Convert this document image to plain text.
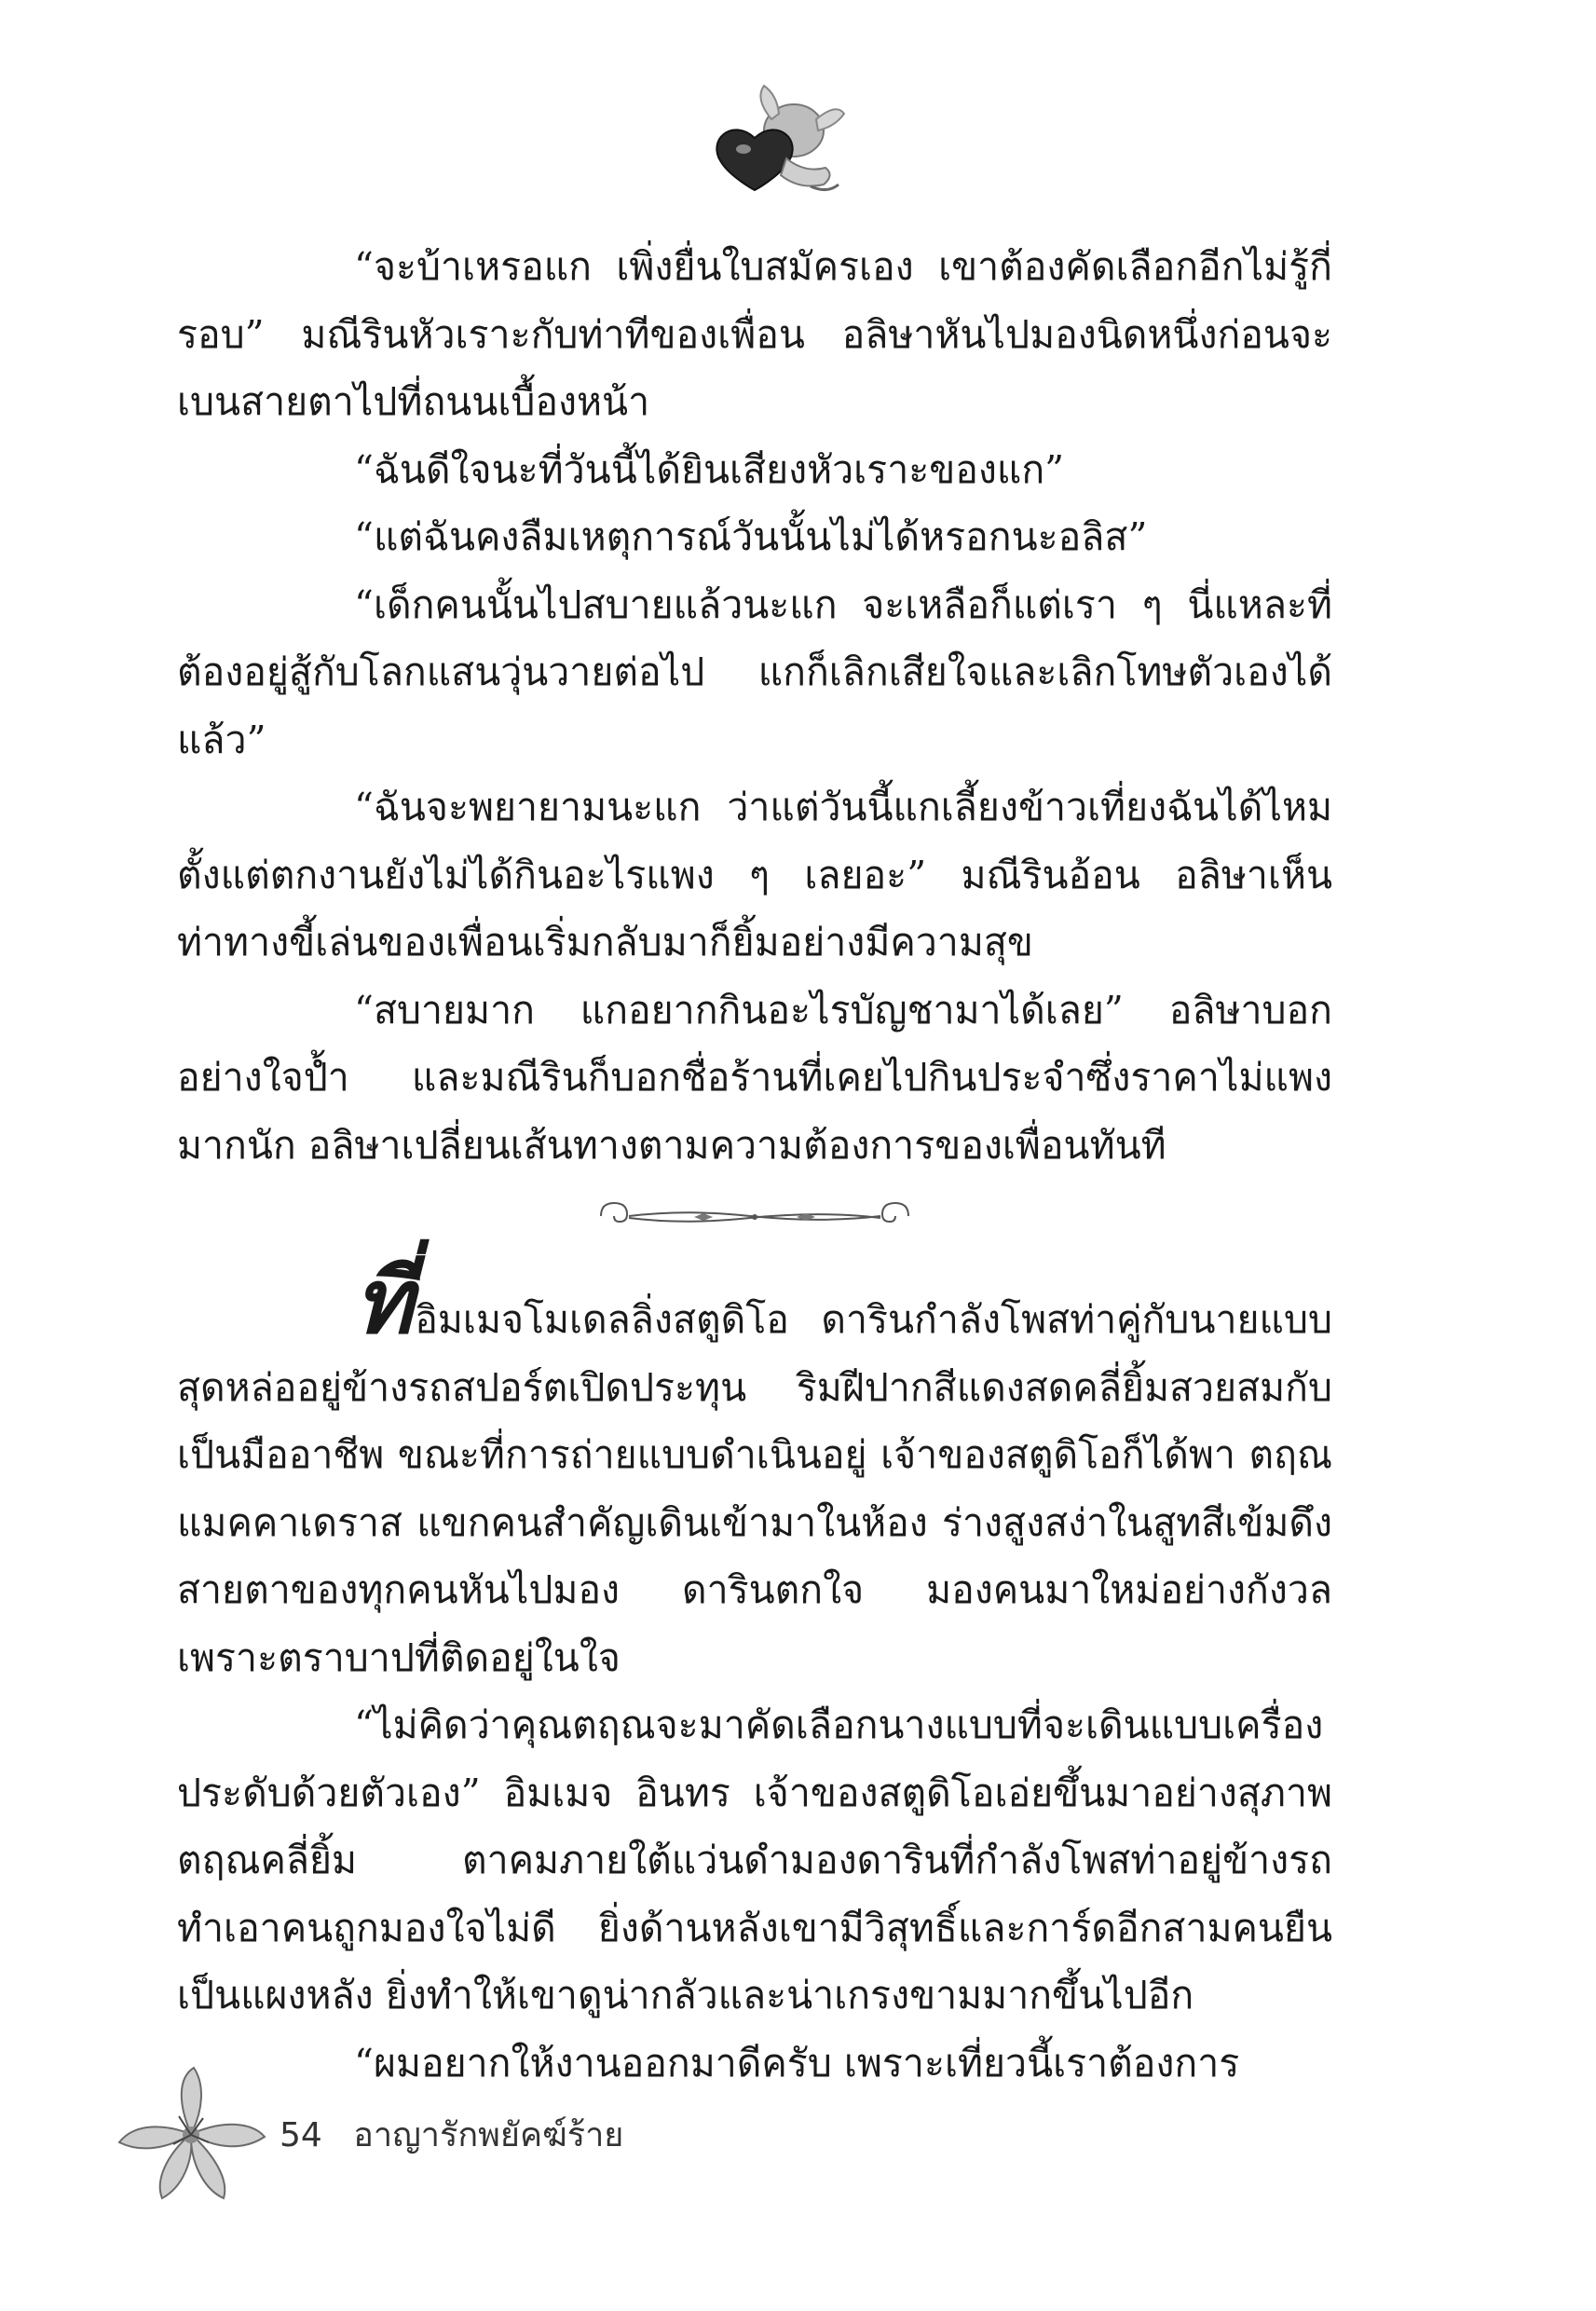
“จะบ้าเหรอแก เพิ่งยื่นใบสมัครเอง เขาต้องคัดเลือกอีกไม่รู้กี่รอบ” มณีรินหัวเราะกับท่าทีของเพื่อน อลิษาหันไปมองนิดหนึ่งก่อนจะเบนสายตาไปที่ถนนเบื้องหน้า

“ฉันดีใจนะที่วันนี้ได้ยินเสียงหัวเราะของแก”

“แต่ฉันคงลืมเหตุการณ์วันนั้นไม่ได้หรอกนะอลิส”

“เด็กคนนั้นไปสบายแล้วนะแก จะเหลือก็แต่เรา ๆ นี่แหละที่ต้องอยู่สู้กับโลกแสนวุ่นวายต่อไป แกก็เลิกเสียใจและเลิกโทษตัวเองได้แล้ว”

“ฉันจะพยายามนะแก ว่าแต่วันนี้แกเลี้ยงข้าวเที่ยงฉันได้ไหม ตั้งแต่ตกงานยังไม่ได้กินอะไรแพง ๆ เลยอะ” มณีรินอ้อน อลิษาเห็นท่าทางขี้เล่นของเพื่อนเริ่มกลับมาก็ยิ้มอย่างมีความสุข

“สบายมาก แกอยากกินอะไรบัญชามาได้เลย” อลิษาบอกอย่างใจป้ำ และมณีรินก็บอกชื่อร้านที่เคยไปกินประจำซึ่งราคาไม่แพงมากนัก อลิษาเปลี่ยนเส้นทางตามความต้องการของเพื่อนทันที

ที่อิมเมจโมเดลลิ่งสตูดิโอ ดารินกำลังโพสท่าคู่กับนายแบบสุดหล่ออยู่ข้างรถสปอร์ตเปิดประทุน ริมฝีปากสีแดงสดคลี่ยิ้มสวยสมกับเป็นมืออาชีพ ขณะที่การถ่ายแบบดำเนินอยู่ เจ้าของสตูดิโอก็ได้พา ตฤณ แมคคาเดราส แขกคนสำคัญเดินเข้ามาในห้อง ร่างสูงสง่าในสูทสีเข้มดึงสายตาของทุกคนหันไปมอง ดารินตกใจ มองคนมาใหม่อย่างกังวลเพราะตราบาปที่ติดอยู่ในใจ

“ไม่คิดว่าคุณตฤณจะมาคัดเลือกนางแบบที่จะเดินแบบเครื่องประดับด้วยตัวเอง” อิมเมจ อินทร เจ้าของสตูดิโอเอ่ยขึ้นมาอย่างสุภาพ ตฤณคลี่ยิ้ม ตาคมภายใต้แว่นดำมองดารินที่กำลังโพสท่าอยู่ข้างรถ ทำเอาคนถูกมองใจไม่ดี ยิ่งด้านหลังเขามีวิสุทธิ์และการ์ดอีกสามคนยืนเป็นแผงหลัง ยิ่งทำให้เขาดูน่ากลัวและน่าเกรงขามมากขึ้นไปอีก

“ผมอยากให้งานออกมาดีครับ เพราะเที่ยวนี้เราต้องการ

54 อาญารักพยัคฆ์ร้าย
